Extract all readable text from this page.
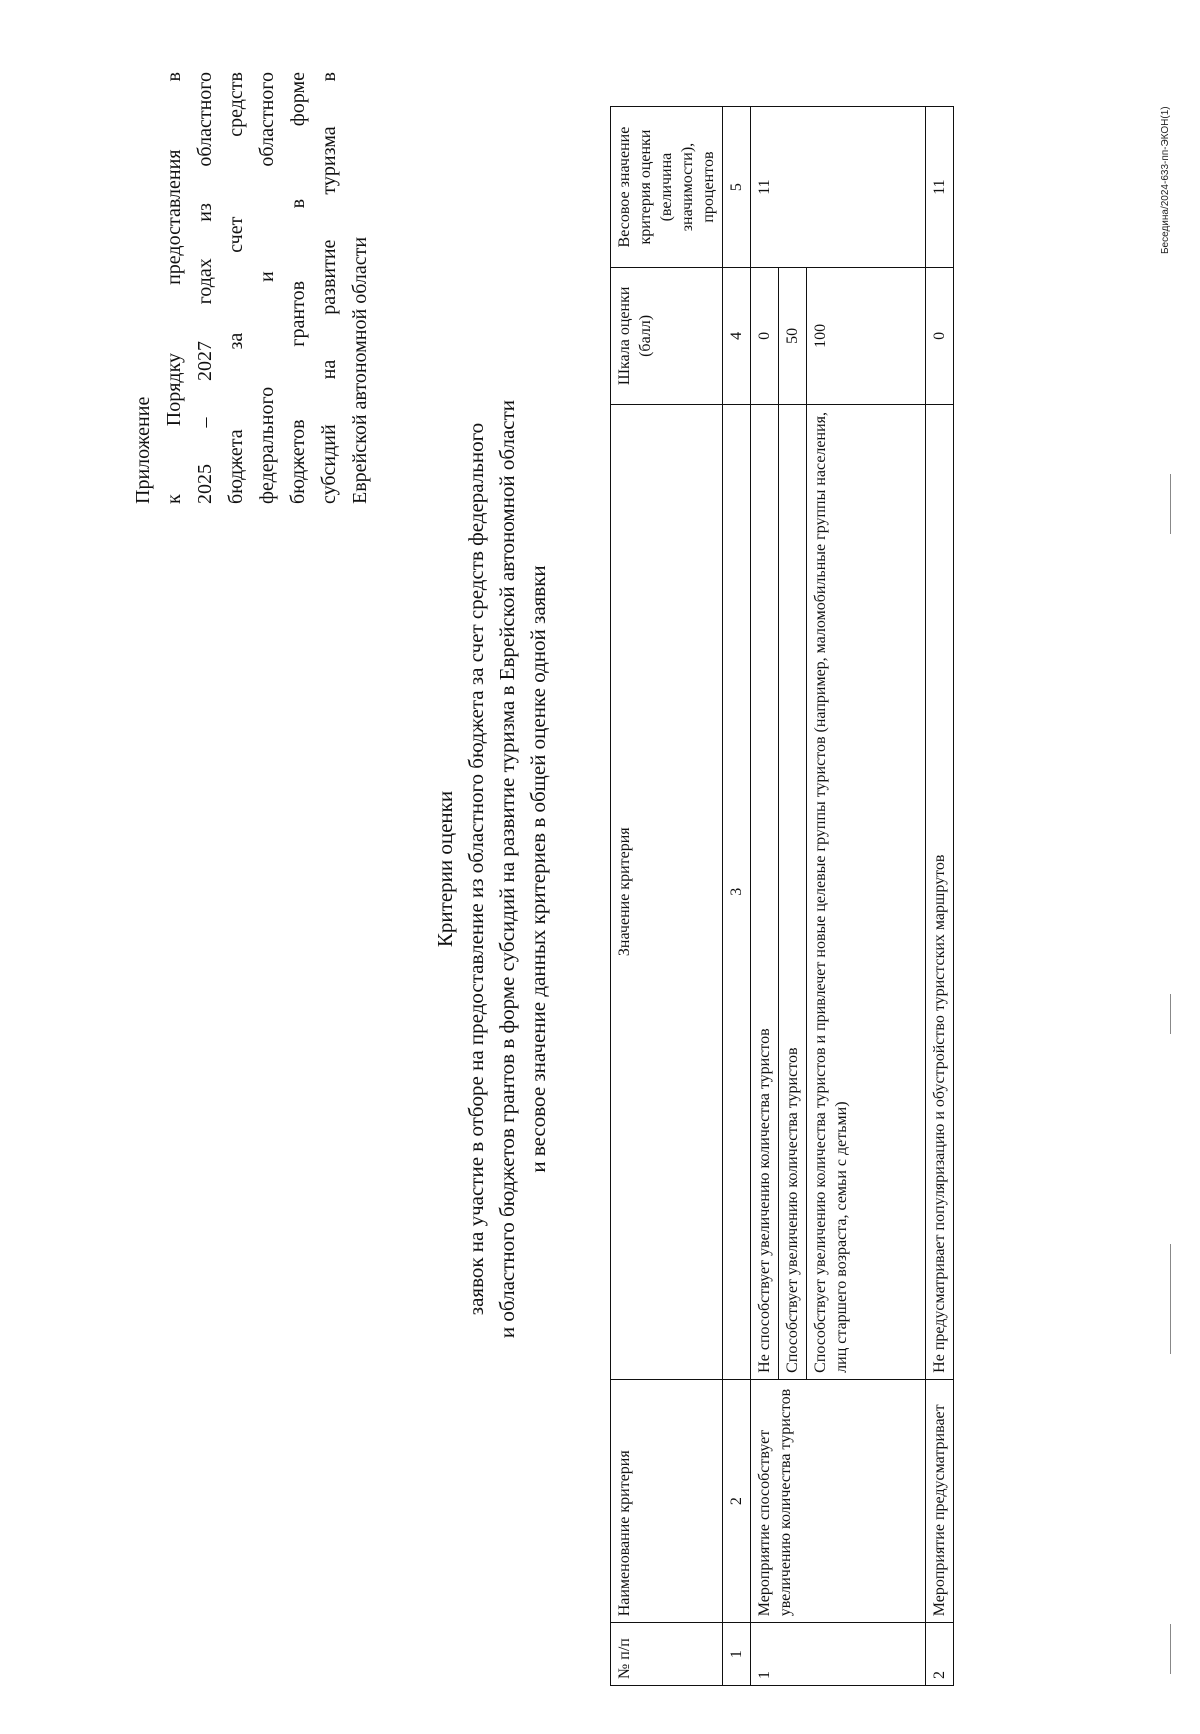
Приложение к Порядку предоставления в 2025 – 2027 годах из областного бюджета за счет средств федерального и областного бюджетов грантов в форме субсидий на развитие туризма в Еврейской автономной области
Критерии оценки заявок на участие в отборе на предоставление из областного бюджета за счет средств федерального и областного бюджетов грантов в форме субсидий на развитие туризма в Еврейской автономной области и весовое значение данных критериев в общей оценке одной заявки
№ п/п	Наименование критерия	Значение критерия	Шкала оценки (балл)	Весовое значение критерия оценки (величина значимости), процентов
1	2	3	4	5
1	Мероприятие способствует увеличению количества туристов	Не способствует увеличению количества туристов	0	11
		Способствует увеличению количества туристов	50	
		Способствует увеличению количества туристов и привлечет новые целевые группы туристов (например, маломобильные группы населения, лиц старшего возраста, семьи с детьми)	100	
2	Мероприятие предусматривает	Не предусматривает популяризацию и обустройство туристских маршрутов	0	11	Беседина/2024-633-пп-ЭКОН(1)
